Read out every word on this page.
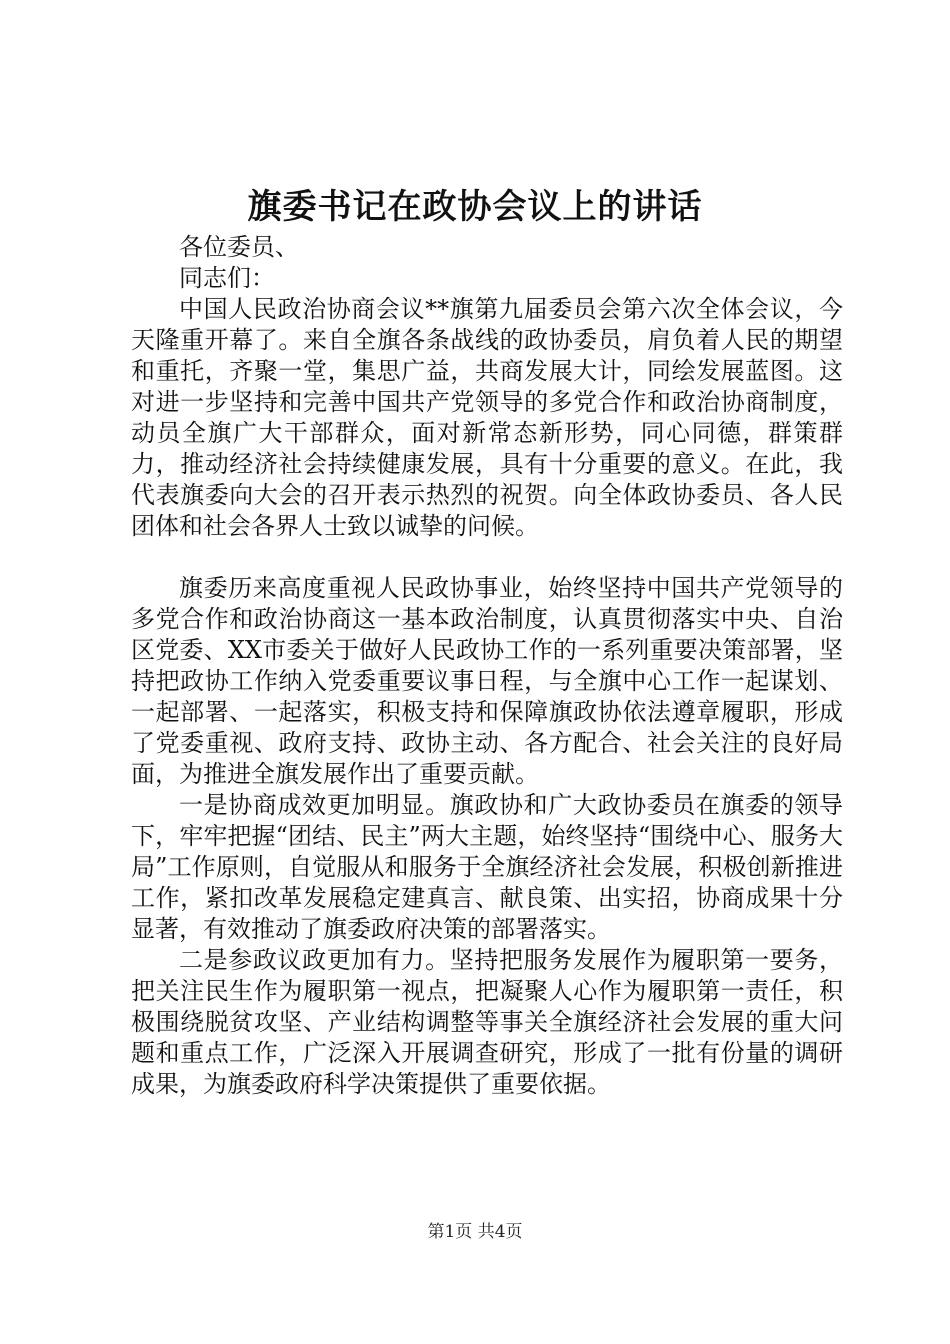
旗委书记在政协会议上的讲话

各位委员、

同志们：

中国人民政治协商会议**旗第九届委员会第六次全体会议，今天隆重开幕了。来自全旗各条战线的政协委员，肩负着人民的期望和重托，齐聚一堂，集思广益，共商发展大计，同绘发展蓝图。这对进一步坚持和完善中国共产党领导的多党合作和政治协商制度，动员全旗广大干部群众，面对新常态新形势，同心同德，群策群力，推动经济社会持续健康发展，具有十分重要的意义。在此，我代表旗委向大会的召开表示热烈的祝贺。向全体政协委员、各人民团体和社会各界人士致以诚挚的问候。

旗委历来高度重视人民政协事业，始终坚持中国共产党领导的多党合作和政治协商这一基本政治制度，认真贯彻落实中央、自治区党委、XX市委关于做好人民政协工作的一系列重要决策部署，坚持把政协工作纳入党委重要议事日程，与全旗中心工作一起谋划、一起部署、一起落实，积极支持和保障旗政协依法遵章履职，形成了党委重视、政府支持、政协主动、各方配合、社会关注的良好局面，为推进全旗发展作出了重要贡献。

一是协商成效更加明显。旗政协和广大政协委员在旗委的领导下，牢牢把握“团结、民主”两大主题，始终坚持“围绕中心、服务大局”工作原则，自觉服从和服务于全旗经济社会发展，积极创新推进工作，紧扣改革发展稳定建真言、献良策、出实招，协商成果十分显著，有效推动了旗委政府决策的部署落实。

二是参政议政更加有力。坚持把服务发展作为履职第一要务，把关注民生作为履职第一视点，把凝聚人心作为履职第一责任，积极围绕脱贫攻坚、产业结构调整等事关全旗经济社会发展的重大问题和重点工作，广泛深入开展调查研究，形成了一批有份量的调研成果，为旗委政府科学决策提供了重要依据。

第1页 共4页
